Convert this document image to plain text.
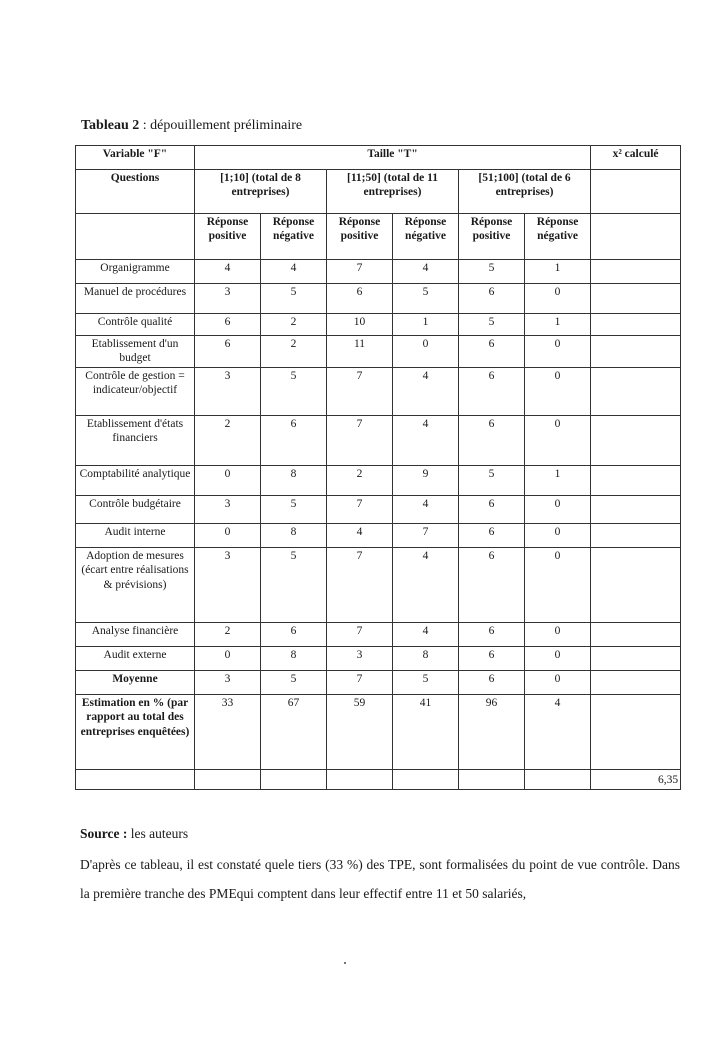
Tableau 2 : dépouillement préliminaire
Variable "F"	Taille "T"						x² calculé
Questions	[1;10] (total de 8 entreprises)		[11;50] (total de 11 entreprises)		[51;100] (total de 6 entreprises)		
	Réponse positive	Réponse négative	Réponse positive	Réponse négative	Réponse positive	Réponse négative	
Organigramme	4	4	7	4	5	1	
Manuel de procédures	3	5	6	5	6	0	
Contrôle qualité	6	2	10	1	5	1	
Etablissement d'un budget	6	2	11	0	6	0	
Contrôle de gestion = indicateur/objectif	3	5	7	4	6	0	
Etablissement d'états financiers	2	6	7	4	6	0	
Comptabilité analytique	0	8	2	9	5	1	
Contrôle budgétaire	3	5	7	4	6	0	
Audit interne	0	8	4	7	6	0	
Adoption de mesures (écart entre réalisations & prévisions)	3	5	7	4	6	0	
Analyse financière	2	6	7	4	6	0	
Audit externe	0	8	3	8	6	0	
Moyenne	3	5	7	5	6	0	
Estimation en % (par rapport au total des entreprises enquêtées)	33	67	59	41	96	4	
							6,35
Source : les auteurs
D'après ce tableau, il est constaté quele tiers (33 %) des TPE, sont formalisées du point de vue contrôle. Dans la première tranche des PMEqui comptent dans leur effectif entre 11 et 50 salariés,
